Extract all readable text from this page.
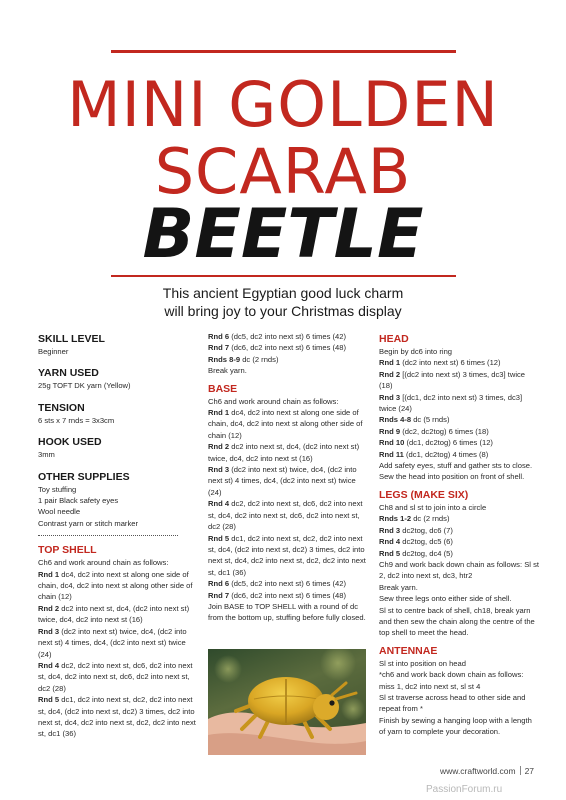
MINI GOLDEN
SCARAB
BEETLE
This ancient Egyptian good luck charm
will bring joy to your Christmas display
SKILL LEVEL
Beginner
YARN USED
25g TOFT DK yarn (Yellow)
TENSION
6 sts x 7 rnds = 3x3cm
HOOK USED
3mm
OTHER SUPPLIES
Toy stuffing
1 pair Black safety eyes
Wool needle
Contrast yarn or stitch marker
TOP SHELL
Ch6 and work around chain as follows:
Rnd 1 dc4, dc2 into next st along one side of chain, dc4, dc2 into next st along other side of chain (12)
Rnd 2 dc2 into next st, dc4, (dc2 into next st) twice, dc4, dc2 into next st (16)
Rnd 3 (dc2 into next st) twice, dc4, (dc2 into next st) 4 times, dc4, (dc2 into next st) twice (24)
Rnd 4 dc2, dc2 into next st, dc6, dc2 into next st, dc4, dc2 into next st, dc6, dc2 into next st, dc2 (28)
Rnd 5 dc1, dc2 into next st, dc2, dc2 into next st, dc4, (dc2 into next st, dc2) 3 times, dc2 into next st, dc4, dc2 into next st, dc2, dc2 into next st, dc1 (36)
Rnd 6 (dc5, dc2 into next st) 6 times (42)
Rnd 7 (dc6, dc2 into next st) 6 times (48)
Rnds 8-9 dc (2 rnds)
Break yarn.
BASE
Ch6 and work around chain as follows:
Rnd 1 dc4, dc2 into next st along one side of chain, dc4, dc2 into next st along other side of chain (12)
Rnd 2 dc2 into next st, dc4, (dc2 into next st) twice, dc4, dc2 into next st (16)
Rnd 3 (dc2 into next st) twice, dc4, (dc2 into next st) 4 times, dc4, (dc2 into next st) twice (24)
Rnd 4 dc2, dc2 into next st, dc6, dc2 into next st, dc4, dc2 into next st, dc6, dc2 into next st, dc2 (28)
Rnd 5 dc1, dc2 into next st, dc2, dc2 into next st, dc4, (dc2 into next st, dc2) 3 times, dc2 into next st, dc4, dc2 into next st, dc2, dc2 into next st, dc1 (36)
Rnd 6 (dc5, dc2 into next st) 6 times (42)
Rnd 7 (dc6, dc2 into next st) 6 times (48)
Join BASE to TOP SHELL with a round of dc from the bottom up, stuffing before fully closed.
HEAD
Begin by dc6 into ring
Rnd 1 (dc2 into next st) 6 times (12)
Rnd 2 [(dc2 into next st) 3 times, dc3] twice (18)
Rnd 3 [(dc1, dc2 into next st) 3 times, dc3] twice (24)
Rnds 4-8 dc (5 rnds)
Rnd 9 (dc2, dc2tog) 6 times (18)
Rnd 10 (dc1, dc2tog) 6 times (12)
Rnd 11 (dc1, dc2tog) 4 times (8)
Add safety eyes, stuff and gather sts to close. Sew the head into position on front of shell.
LEGS (MAKE SIX)
Ch8 and sl st to join into a circle
Rnds 1-2 dc (2 rnds)
Rnd 3 dc2tog, dc6 (7)
Rnd 4 dc2tog, dc5 (6)
Rnd 5 dc2tog, dc4 (5)
Ch9 and work back down chain as follows: Sl st 2, dc2 into next st, dc3, htr2
Break yarn.
Sew three legs onto either side of shell.
Sl st to centre back of shell, ch18, break yarn and then sew the chain along the centre of the top shell to meet the head.
ANTENNAE
Sl st into position on head
*ch6 and work back down chain as follows: miss 1, dc2 into next st, sl st 4
Sl st traverse across head to other side and repeat from *
Finish by sewing a hanging loop with a length of yarn to complete your decoration.
www.craftworld.com 27
PassionForum.ru
